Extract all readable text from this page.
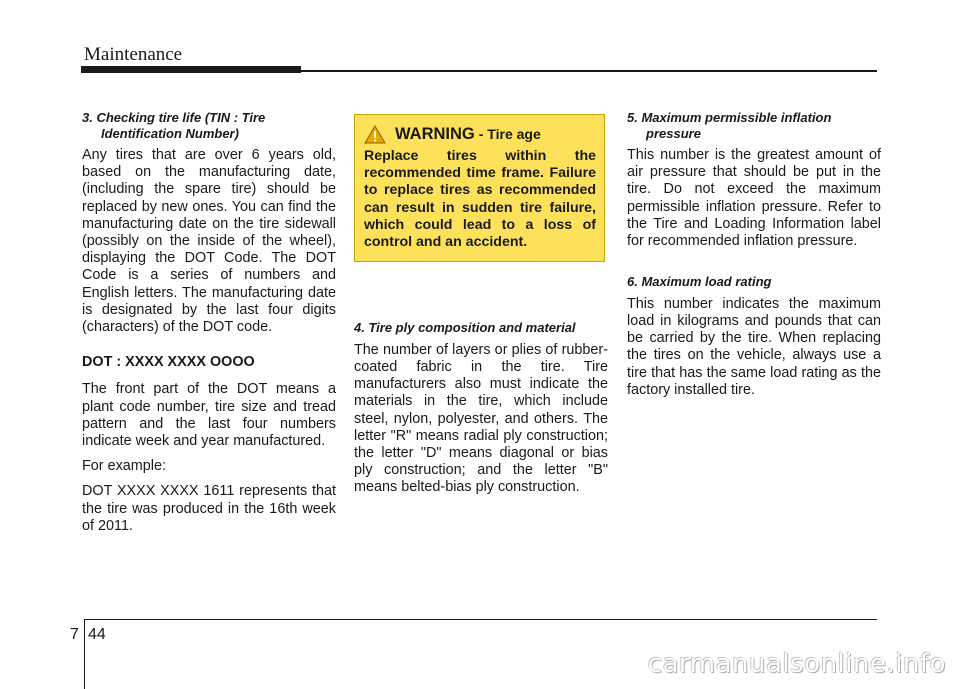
Maintenance
3. Checking tire life (TIN : Tire
Identification Number)

Any tires that are over 6 years old, based on the manufacturing date, (including the spare tire) should be replaced by new ones. You can find the manufacturing date on the tire sidewall (possibly on the inside of the wheel), displaying the DOT Code. The DOT Code is a series of numbers and English letters. The manufacturing date is designated by the last four digits (characters) of the DOT code.

DOT : XXXX XXXX OOOO

The front part of the DOT means a plant code number, tire size and tread pattern and the last four numbers indicate week and year manufactured.

For example:

DOT XXXX XXXX 1611 represents that the tire was produced in the 16th week of 2011.

WARNING - Tire age
Replace tires within the recommended time frame. Failure to replace tires as recommended can result in sudden tire failure, which could lead to a loss of control and an accident.
4. Tire ply composition and material

The number of layers or plies of rubber-coated fabric in the tire. Tire manufacturers also must indicate the materials in the tire, which include steel, nylon, polyester, and others. The letter "R" means radial ply construction; the letter "D" means diagonal or bias ply construction; and the letter "B" means belted-bias ply construction.

5. Maximum permissible inflation
pressure

This number is the greatest amount of air pressure that should be put in the tire. Do not exceed the maximum permissible inflation pressure. Refer to the Tire and Loading Information label for recommended inflation pressure.

6. Maximum load rating

This number indicates the maximum load in kilograms and pounds that can be carried by the tire. When replacing the tires on the vehicle, always use a tire that has the same load rating as the factory installed tire.

7 44
carmanualsonline.info
